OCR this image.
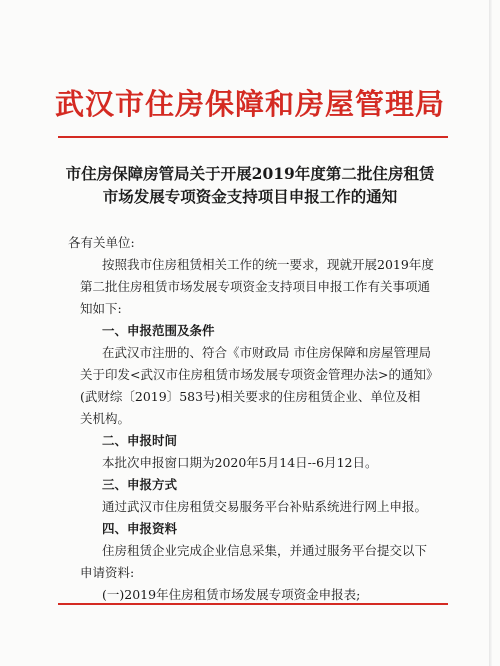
武汉市住房保障和房屋管理局
市住房保障房管局关于开展2019年度第二批住房租赁
市场发展专项资金支持项目申报工作的通知
各有关单位:
按照我市住房租赁相关工作的统一要求，现就开展2019年度
第二批住房租赁市场发展专项资金支持项目申报工作有关事项通
知如下:
一、申报范围及条件
在武汉市注册的、符合《市财政局 市住房保障和房屋管理局
关于印发<武汉市住房租赁市场发展专项资金管理办法>的通知》
(武财综〔2019〕583号)相关要求的住房租赁企业、单位及相
关机构。
二、申报时间
本批次申报窗口期为2020年5月14日--6月12日。
三、申报方式
通过武汉市住房租赁交易服务平台补贴系统进行网上申报。
四、申报资料
住房租赁企业完成企业信息采集，并通过服务平台提交以下
申请资料:
(一)2019年住房租赁市场发展专项资金申报表;
